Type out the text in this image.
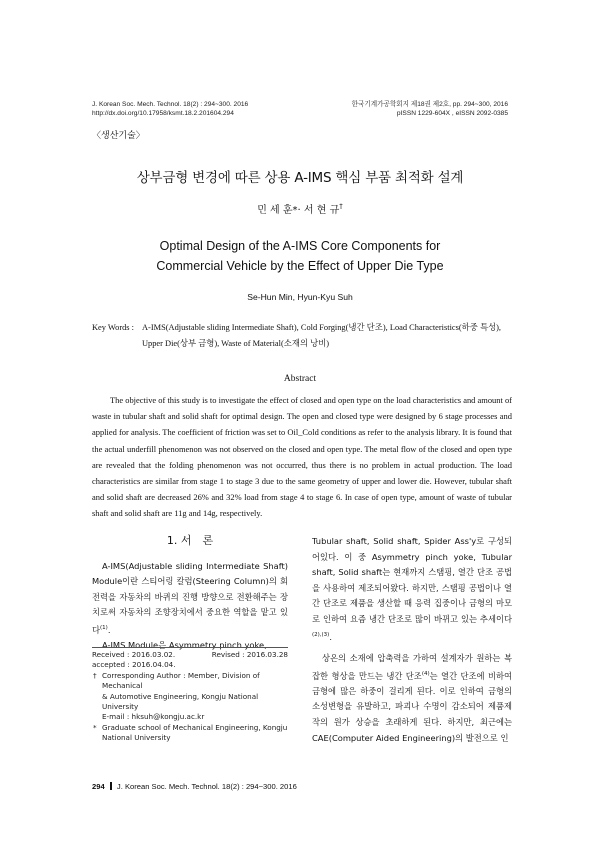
J. Korean Soc. Mech. Technol. 18(2) : 294~300. 2016
http://dx.doi.org/10.17958/ksmt.18.2.201604.294
한국기계가공학회지 제18권 제2호, pp. 294~300, 2016
pISSN 1229-604X , eISSN 2092-0385
〈생산기술〉
상부금형 변경에 따른 상용 A-IMS 핵심 부품 최적화 설계
민 세 훈*· 서 현 규†
Optimal Design of the A-IMS Core Components for
Commercial Vehicle by the Effect of Upper Die Type
Se-Hun Min, Hyun-Kyu Suh
Key Words : A-IMS(Adjustable sliding Intermediate Shaft), Cold Forging(냉간 단조), Load Characteristics(하중 특성), Upper Die(상부 금형), Waste of Material(소재의 낭비)
Abstract
The objective of this study is to investigate the effect of closed and open type on the load characteristics and amount of waste in tubular shaft and solid shaft for optimal design. The open and closed type were designed by 6 stage processes and applied for analysis. The coefficient of friction was set to Oil_Cold conditions as refer to the analysis library. It is found that the actual underfill phenomenon was not observed on the closed and open type. The metal flow of the closed and open type are revealed that the folding phenomenon was not occurred, thus there is no problem in actual production. The load characteristics are similar from stage 1 to stage 3 due to the same geometry of upper and lower die. However, tubular shaft and solid shaft are decreased 26% and 32% load from stage 4 to stage 6. In case of open type, amount of waste of tubular shaft and solid shaft are 11g and 14g, respectively.
1. 서　론

A-IMS(Adjustable sliding Intermediate Shaft) Module이란 스티어링 칼럼(Steering Column)의 회전력을 자동차의 바퀴의 진행 방향으로 전환해주는 장치로써 자동차의 조향장치에서 중요한 역할을 맡고 있다$^{(1)}$.

A-IMS Module은 Asymmetry pinch yoke,

Received : 2016.03.02.	Revised : 2016.03.28

accepted : 2016.04.04.

† Corresponding Author : Member, Division of Mechanical

& Automotive Engineering, Kongju National University

E-mail : hksuh@kongju.ac.kr

* Graduate school of Mechanical Engineering, Kongju

National University

Tubular shaft, Solid shaft, Spider Ass'y로 구성되어있다. 이 중 Asymmetry pinch yoke, Tubular shaft, Solid shaft는 현재까지 스탬핑, 열간 단조 공법을 사용하여 제조되어왔다. 하지만, 스탬핑 공법이나 열간 단조로 제품을 생산할 때 응력 집중이나 금형의 마모로 인하여 요즘 냉간 단조로 많이 바뀌고 있는 추세이다$^{(2),(3)}$.

상온의 소재에 압축력을 가하여 설계자가 원하는 복잡한 형상을 만드는 냉간 단조$^{(4)}$는 열간 단조에 비하여 금형에 많은 하중이 걸리게 된다. 이로 인하여 금형의 소성변형을 유발하고, 파괴나 수명이 감소되어 제품제작의 원가 상승을 초래하게 된다. 하지만, 최근에는 CAE(Computer Aided Engineering)의 발전으로 인

294 J. Korean Soc. Mech. Technol. 18(2) : 294~300. 2016
